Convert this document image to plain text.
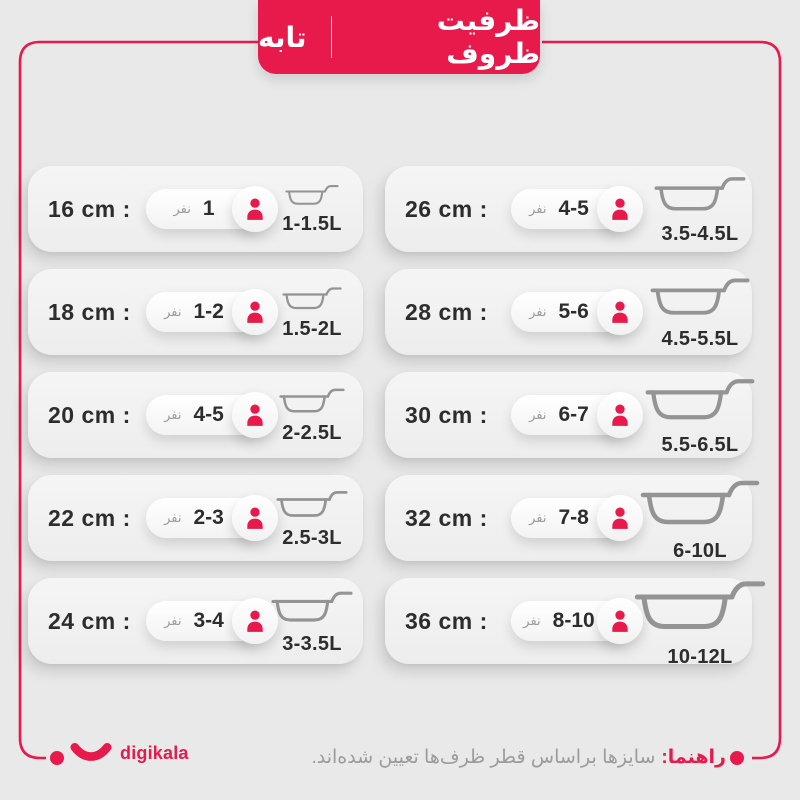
ظرفیت ظروف
تابه
16 cm :	نفر 1
1-1.5L
18 cm :	نفر 1-2
1.5-2L
20 cm :	نفر 4-5
2-2.5L
22 cm :	نفر 2-3
2.5-3L
24 cm :	نفر 3-4
3-3.5L
26 cm :	نفر 4-5
3.5-4.5L
28 cm :	نفر 5-6
4.5-5.5L
30 cm :	نفر 6-7
5.5-6.5L
32 cm :	نفر 7-8
6-10L
36 cm :	نفر 8-10
10-12L
digikala	راهنما:سایزها براساس قطر ظرف‌ها تعیین شده‌اند.
